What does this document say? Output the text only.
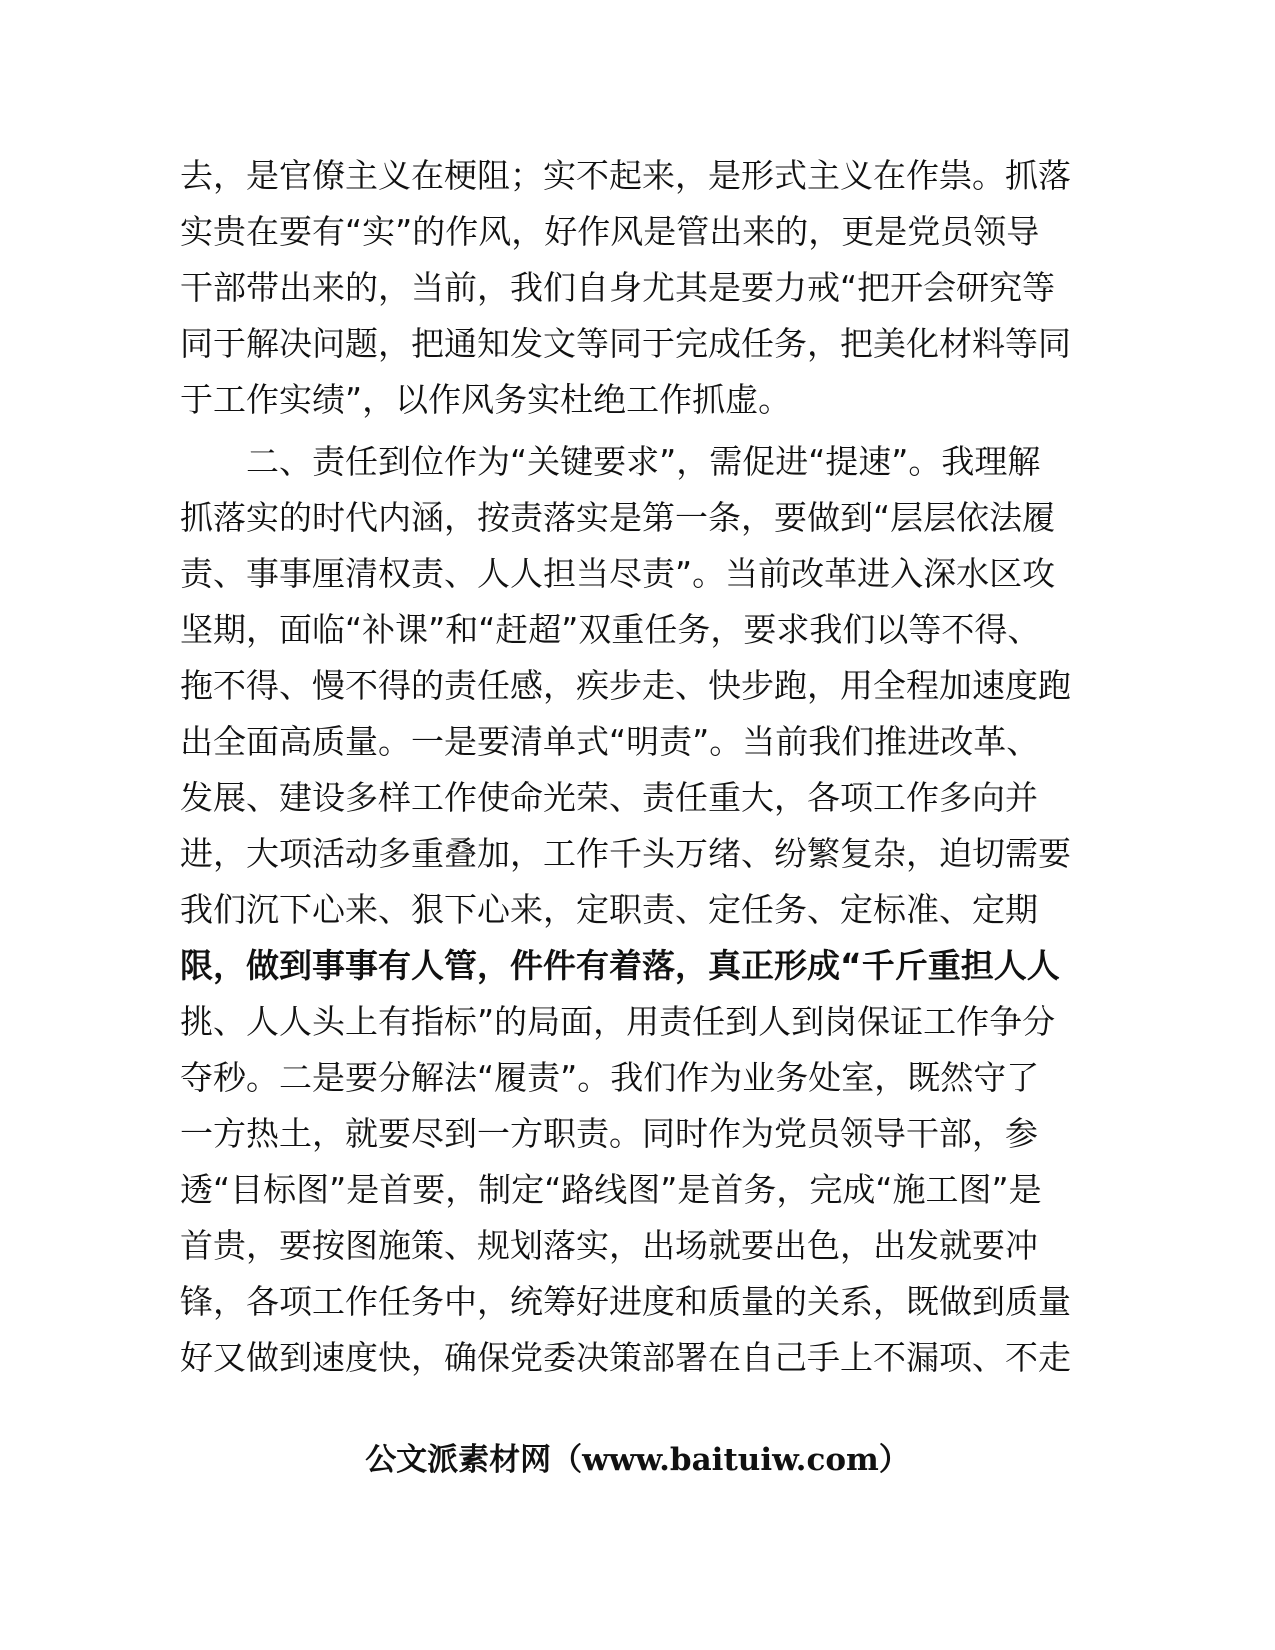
去，是官僚主义在梗阻；实不起来，是形式主义在作祟。抓落
实贵在要有“实”的作风，好作风是管出来的，更是党员领导
干部带出来的，当前，我们自身尤其是要力戒“把开会研究等
同于解决问题，把通知发文等同于完成任务，把美化材料等同
于工作实绩”，以作风务实杜绝工作抓虚。
　　二、责任到位作为“关键要求”，需促进“提速”。我理解
抓落实的时代内涵，按责落实是第一条，要做到“层层依法履
责、事事厘清权责、人人担当尽责”。当前改革进入深水区攻
坚期，面临“补课”和“赶超”双重任务，要求我们以等不得、
拖不得、慢不得的责任感，疾步走、快步跑，用全程加速度跑
出全面高质量。一是要清单式“明责”。当前我们推进改革、
发展、建设多样工作使命光荣、责任重大，各项工作多向并
进，大项活动多重叠加，工作千头万绪、纷繁复杂，迫切需要
我们沉下心来、狠下心来，定职责、定任务、定标准、定期
限，做到事事有人管，件件有着落，真正形成“千斤重担人人
挑、人人头上有指标”的局面，用责任到人到岗保证工作争分
夺秒。二是要分解法“履责”。我们作为业务处室，既然守了
一方热土，就要尽到一方职责。同时作为党员领导干部，参
透“目标图”是首要，制定“路线图”是首务，完成“施工图”是
首贵，要按图施策、规划落实，出场就要出色，出发就要冲
锋，各项工作任务中，统筹好进度和质量的关系，既做到质量
好又做到速度快，确保党委决策部署在自己手上不漏项、不走
公文派素材网（www.baituiw.com）
